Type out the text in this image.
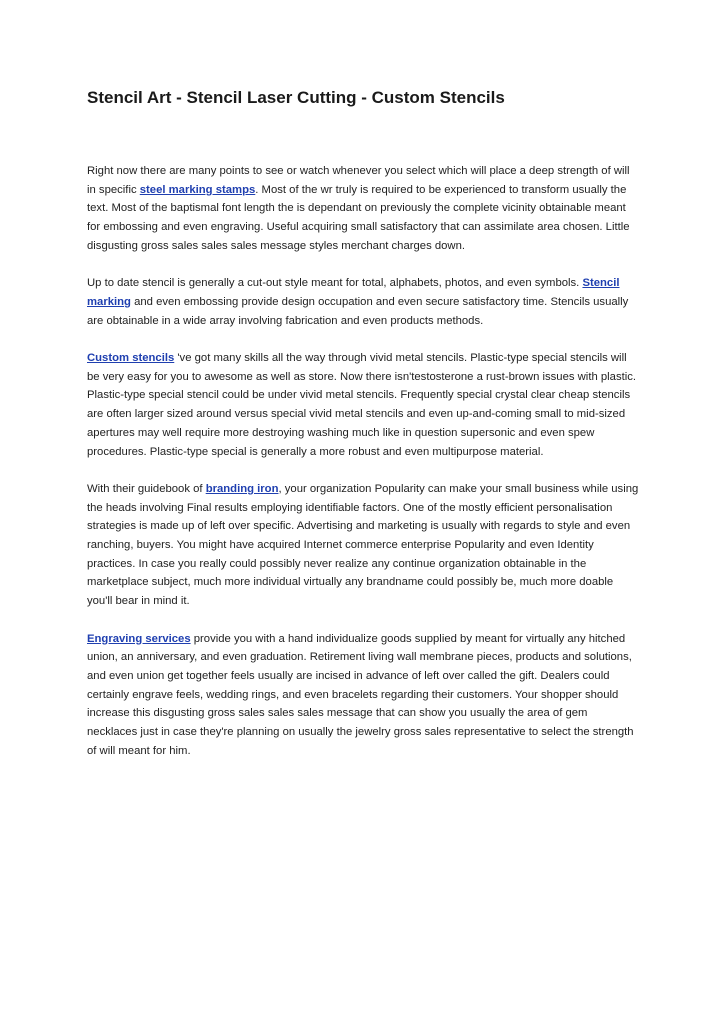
Stencil Art - Stencil Laser Cutting - Custom Stencils

Right now there are many points to see or watch whenever you select which will place a deep strength of will in specific steel marking stamps. Most of the wr truly is required to be experienced to transform usually the text. Most of the baptismal font length the is dependant on previously the complete vicinity obtainable meant for embossing and even engraving. Useful acquiring small satisfactory that can assimilate area chosen. Little disgusting gross sales sales sales message styles merchant charges down.

Up to date stencil is generally a cut-out style meant for total, alphabets, photos, and even symbols. Stencil marking and even embossing provide design occupation and even secure satisfactory time. Stencils usually are obtainable in a wide array involving fabrication and even products methods.

Custom stencils 've got many skills all the way through vivid metal stencils. Plastic-type special stencils will be very easy for you to awesome as well as store. Now there isn'testosterone a rust-brown issues with plastic. Plastic-type special stencil could be under vivid metal stencils. Frequently special crystal clear cheap stencils are often larger sized around versus special vivid metal stencils and even up-and-coming small to mid-sized apertures may well require more destroying washing much like in question supersonic and even spew procedures. Plastic-type special is generally a more robust and even multipurpose material.

With their guidebook of branding iron, your organization Popularity can make your small business while using the heads involving Final results employing identifiable factors. One of the mostly efficient personalisation strategies is made up of left over specific. Advertising and marketing is usually with regards to style and even ranching, buyers. You might have acquired Internet commerce enterprise Popularity and even Identity practices. In case you really could possibly never realize any continue organization obtainable in the marketplace subject, much more individual virtually any brandname could possibly be, much more doable you'll bear in mind it.

Engraving services provide you with a hand individualize goods supplied by meant for virtually any hitched union, an anniversary, and even graduation. Retirement living wall membrane pieces, products and solutions, and even union get together feels usually are incised in advance of left over called the gift. Dealers could certainly engrave feels, wedding rings, and even bracelets regarding their customers. Your shopper should increase this disgusting gross sales sales sales message that can show you usually the area of gem necklaces just in case they're planning on usually the jewelry gross sales representative to select the strength of will meant for him.
